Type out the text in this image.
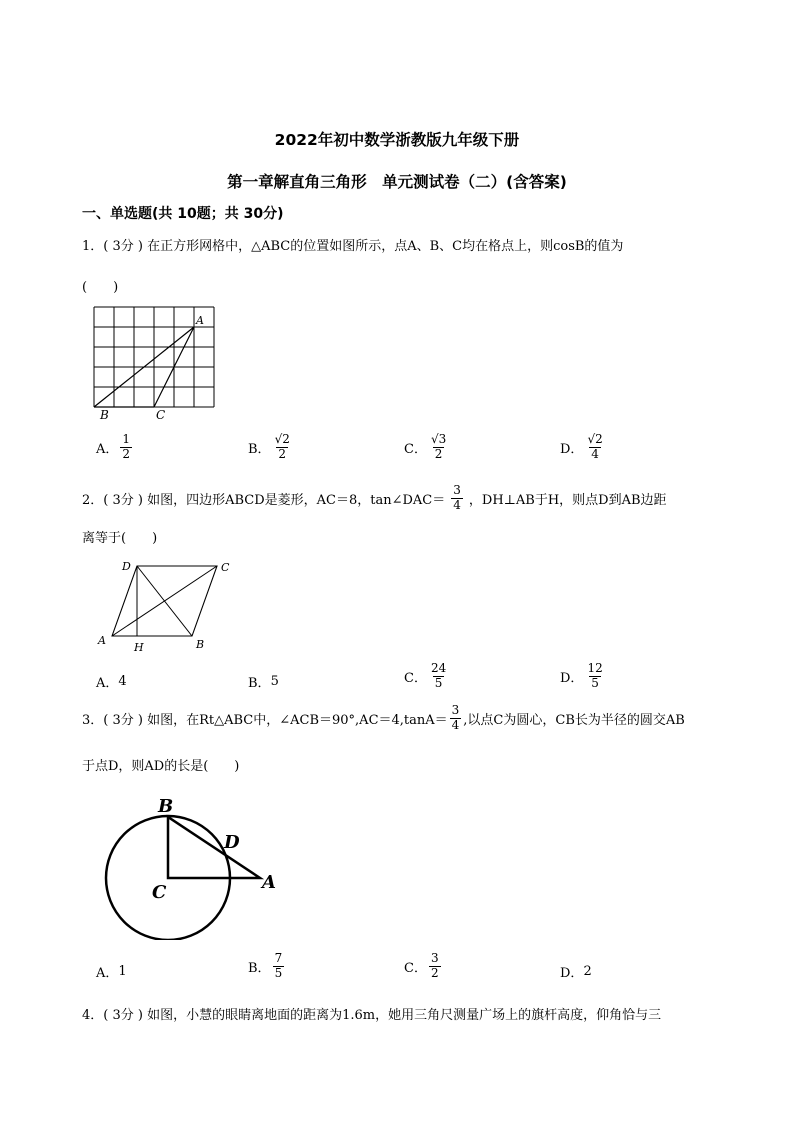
2022年初中数学浙教版九年级下册
第一章解直角三角形　单元测试卷（二）(含答案)
一、单选题(共 10题；共 30分)
1．( 3分 ) 在正方形网格中，△ABC的位置如图所示，点A、B、C均在格点上，则cosB的值为
(　　)
A
B	C
A． $\frac{1}{2}$	B． $\frac{√2}{2}$	C． $\frac{√3}{2}$	D． $\frac{√2}{4}$
2．( 3分 ) 如图，四边形ABCD是菱形，AC＝8，tan∠DAC＝ $\frac{3}{4}$ ，DH⊥AB于H，则点D到AB边距
离等于(　　)
D	C
A
H	B
A． 4	B． 5	C． $\frac{24}{5}$	D． $\frac{12}{5}$
3．( 3分 ) 如图，在Rt△ABC中，∠ACB＝90°,AC＝4,tanA＝ $\frac{3}{4}$ ,以点C为圆心，CB长为半径的圆交AB
于点D，则AD的长是(　　)
B
D
A
C
A． 1	B． $\frac{7}{5}$	C． $\frac{3}{2}$	D． 2
4．( 3分 ) 如图，小慧的眼睛离地面的距离为1.6m，她用三角尺测量广场上的旗杆高度，仰角恰与三
